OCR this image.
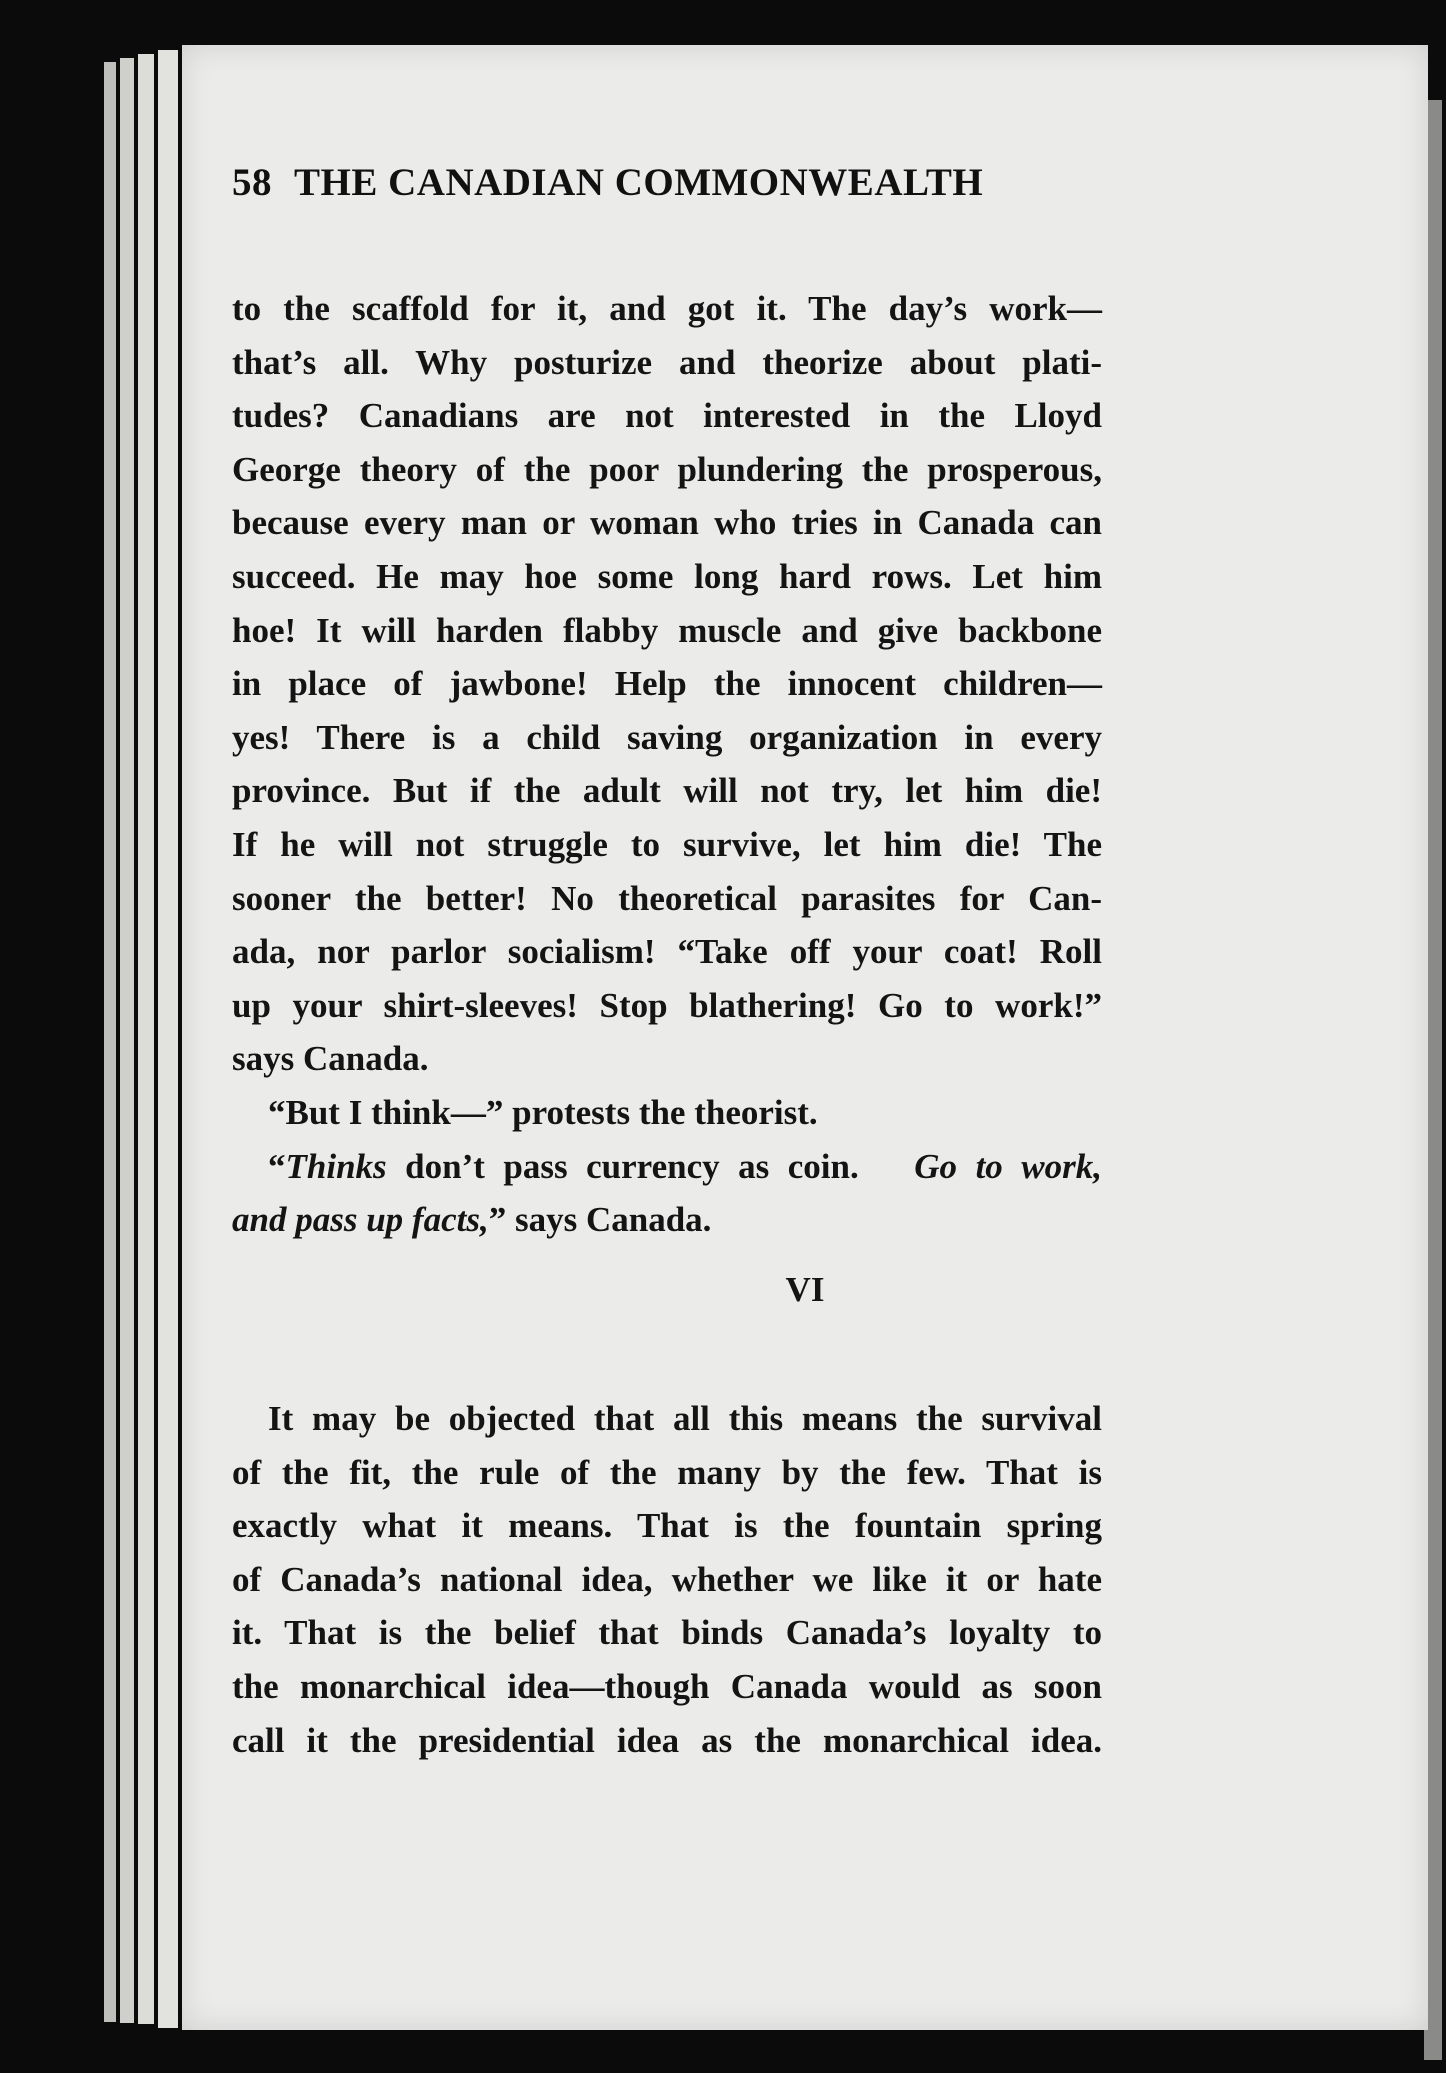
58 THE CANADIAN COMMONWEALTH
to the scaffold for it, and got it. The day’s work—
that’s all. Why posturize and theorize about plati-
tudes? Canadians are not interested in the Lloyd
George theory of the poor plundering the prosperous,
because every man or woman who tries in Canada can
succeed. He may hoe some long hard rows. Let him
hoe! It will harden flabby muscle and give backbone
in place of jawbone! Help the innocent children—
yes! There is a child saving organization in every
province. But if the adult will not try, let him die!
If he will not struggle to survive, let him die! The
sooner the better! No theoretical parasites for Can-
ada, nor parlor socialism! “Take off your coat! Roll
up your shirt-sleeves! Stop blathering! Go to work!”
says Canada.
“But I think—” protests the theorist.
“Thinks don’t pass currency as coin. Go to work,
and pass up facts,” says Canada.
VI
It may be objected that all this means the survival
of the fit, the rule of the many by the few. That is
exactly what it means. That is the fountain spring
of Canada’s national idea, whether we like it or hate
it. That is the belief that binds Canada’s loyalty to
the monarchical idea—though Canada would as soon
call it the presidential idea as the monarchical idea.
